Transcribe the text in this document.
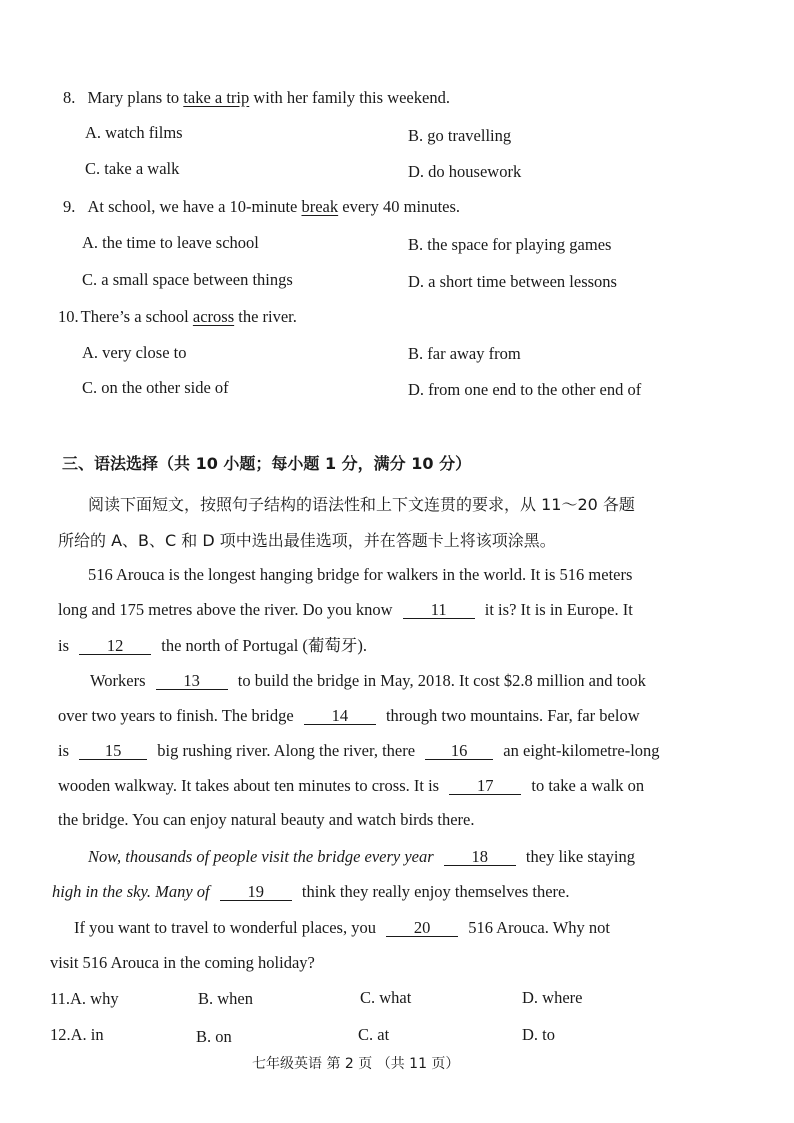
8. Mary plans to take a trip with her family this weekend.
A. watch films	B. go travelling
C. take a walk	D. do housework
9. At school, we have a 10-minute break every 40 minutes.
A. the time to leave school	B. the space for playing games
C. a small space between things	D. a short time between lessons
10. There’s a school across the river.
A. very close to	B. far away from
C. on the other side of	D. from one end to the other end of
三、语法选择（共 10 小题；每小题 1 分，满分 10 分）
阅读下面短文，按照句子结构的语法性和上下文连贯的要求，从 11～20 各题
所给的 A、B、C 和 D 项中选出最佳选项，并在答题卡上将该项涂黑。
516 Arouca is the longest hanging bridge for walkers in the world. It is 516 meters
long and 175 metres above the river. Do you know 11 it is? It is in Europe. It
is 12 the north of Portugal (葡萄牙).
Workers 13 to build the bridge in May, 2018. It cost $2.8 million and took
over two years to finish. The bridge 14 through two mountains. Far, far below
is 15 big rushing river. Along the river, there 16 an eight-kilometre-long
wooden walkway. It takes about ten minutes to cross. It is 17 to take a walk on
the bridge. You can enjoy natural beauty and watch birds there.
Now, thousands of people visit the bridge every year 18 they like staying
high in the sky. Many of 19 think they really enjoy themselves there.
If you want to travel to wonderful places, you 20 516 Arouca. Why not
visit 516 Arouca in the coming holiday?
11.A. why	B. when	C. what	D. where
12.A. in	B. on	C. at	D. to
七年级英语 第 2 页 （共 11 页）
